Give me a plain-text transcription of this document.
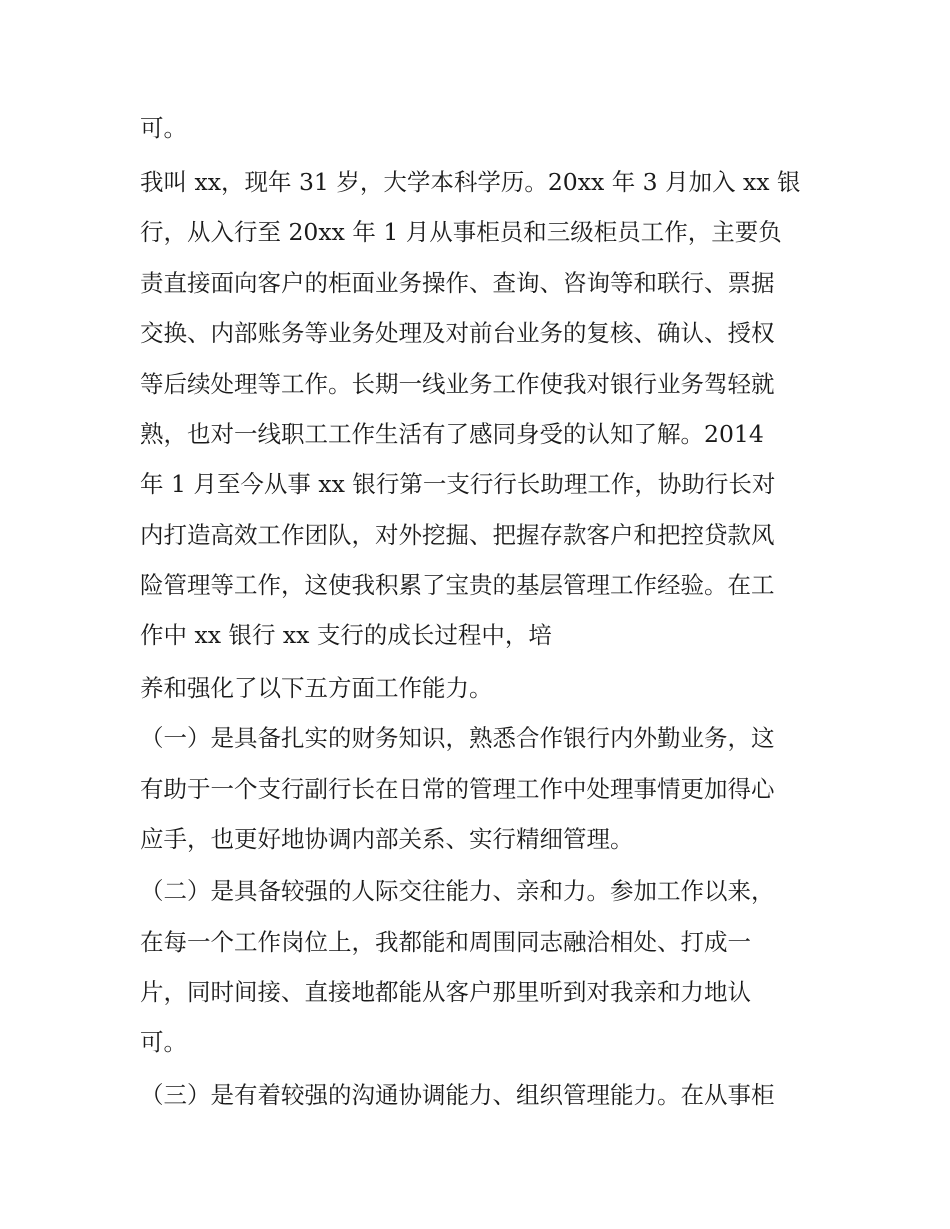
可。

我叫 xx，现年 31 岁，大学本科学历。20xx 年 3 月加入 xx 银

行，从入行至 20xx 年 1 月从事柜员和三级柜员工作，主要负

责直接面向客户的柜面业务操作、查询、咨询等和联行、票据

交换、内部账务等业务处理及对前台业务的复核、确认、授权

等后续处理等工作。长期一线业务工作使我对银行业务驾轻就

熟，也对一线职工工作生活有了感同身受的认知了解。2014

年 1 月至今从事 xx 银行第一支行行长助理工作，协助行长对

内打造高效工作团队，对外挖掘、把握存款客户和把控贷款风

险管理等工作，这使我积累了宝贵的基层管理工作经验。在工

作中 xx 银行 xx 支行的成长过程中，培

养和强化了以下五方面工作能力。

（一）是具备扎实的财务知识，熟悉合作银行内外勤业务，这

有助于一个支行副行长在日常的管理工作中处理事情更加得心

应手，也更好地协调内部关系、实行精细管理。

（二）是具备较强的人际交往能力、亲和力。参加工作以来，

在每一个工作岗位上，我都能和周围同志融洽相处、打成一

片，同时间接、直接地都能从客户那里听到对我亲和力地认

可。

（三）是有着较强的沟通协调能力、组织管理能力。在从事柜
